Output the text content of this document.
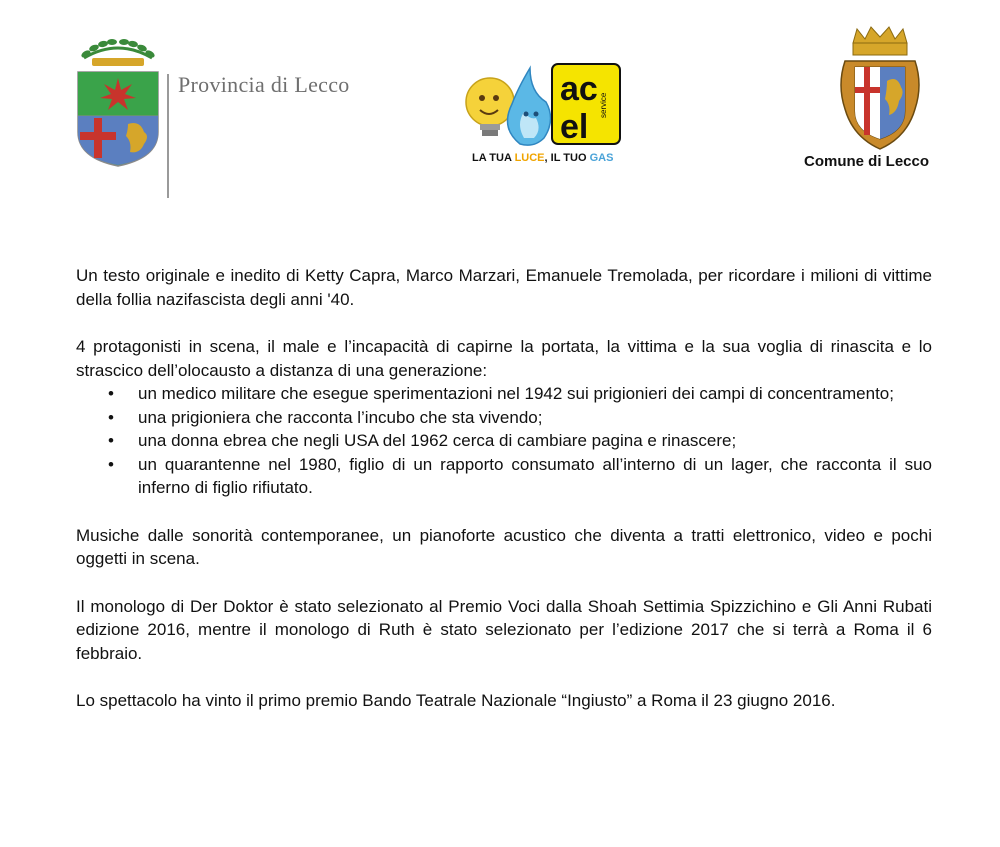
Provincia di Lecco	ac
el
service
LA TUA LUCE, IL TUO GAS	Comune di Lecco

Un testo originale e inedito di Ketty Capra, Marco Marzari, Emanuele Tremolada, per ricordare i milioni di vittime della follia nazifascista degli anni '40.

4 protagonisti in scena, il male e l’incapacità di capirne la portata, la vittima e la sua voglia di rinascita e lo strascico dell’olocausto a distanza di una generazione:

• un medico militare che esegue sperimentazioni nel 1942 sui prigionieri dei campi di concentramento;
• una prigioniera che racconta l’incubo che sta vivendo;
• una donna ebrea che negli USA del 1962 cerca di cambiare pagina e rinascere;
• un quarantenne nel 1980, figlio di un rapporto consumato all’interno di un lager, che racconta il suo inferno di figlio rifiutato.

Musiche dalle sonorità contemporanee, un pianoforte acustico che diventa a tratti elettronico, video e pochi oggetti in scena.

Il monologo di Der Doktor è stato selezionato al Premio Voci dalla Shoah Settimia Spizzichino e Gli Anni Rubati edizione 2016, mentre il monologo di Ruth è stato selezionato per l’edizione 2017 che si terrà a Roma il 6 febbraio.

Lo spettacolo ha vinto il primo premio Bando Teatrale Nazionale “Ingiusto” a Roma il 23 giugno 2016.
